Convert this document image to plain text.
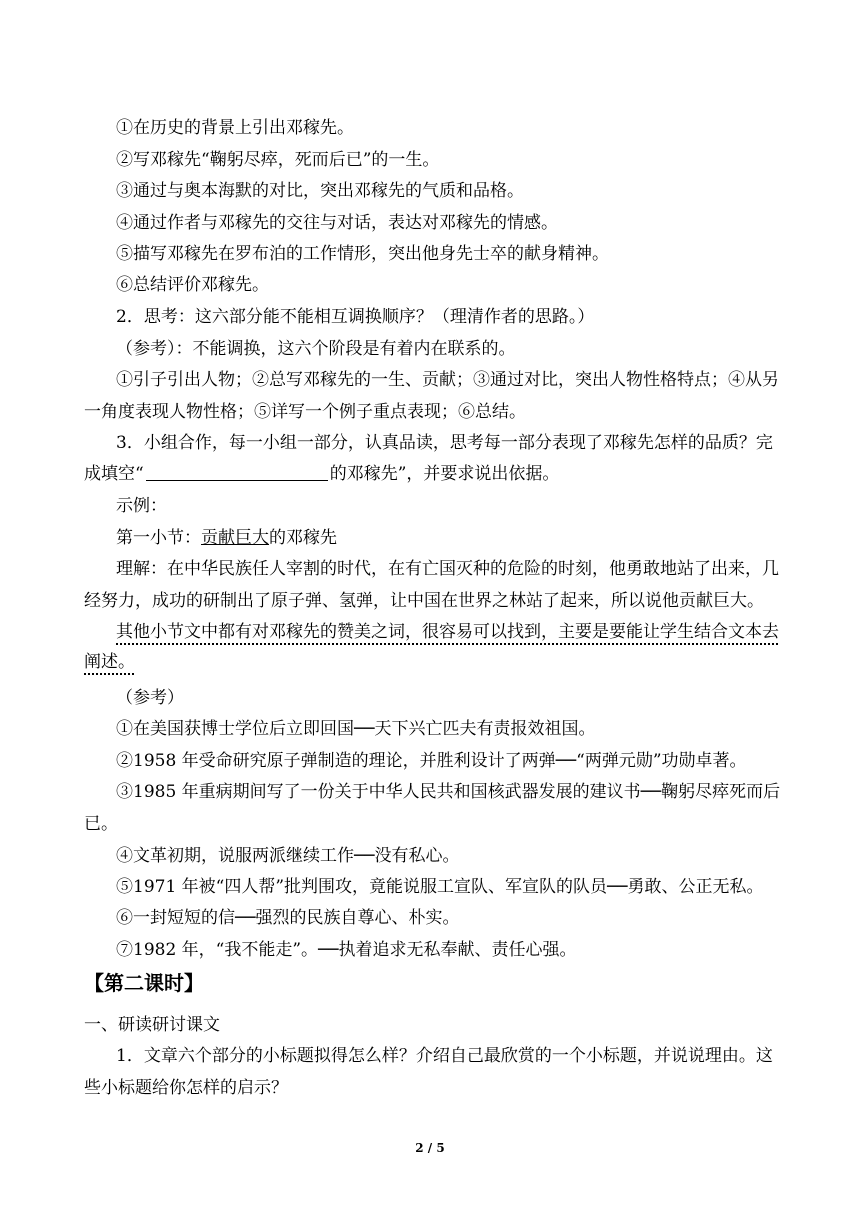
①在历史的背景上引出邓稼先。
②写邓稼先“鞠躬尽瘁，死而后已”的一生。
③通过与奥本海默的对比，突出邓稼先的气质和品格。
④通过作者与邓稼先的交往与对话，表达对邓稼先的情感。
⑤描写邓稼先在罗布泊的工作情形，突出他身先士卒的献身精神。
⑥总结评价邓稼先。
2．思考：这六部分能不能相互调换顺序？（理清作者的思路。）
（参考）：不能调换，这六个阶段是有着内在联系的。
①引子引出人物；②总写邓稼先的一生、贡献；③通过对比，突出人物性格特点；④从另
一角度表现人物性格；⑤详写一个例子重点表现；⑥总结。
3．小组合作，每一小组一部分，认真品读，思考每一部分表现了邓稼先怎样的品质？完
成填空“	的邓稼先”，并要求说出依据。
示例：
第一小节：贡献巨大的邓稼先
理解：在中华民族任人宰割的时代，在有亡国灭种的危险的时刻，他勇敢地站了出来，几
经努力，成功的研制出了原子弹、氢弹，让中国在世界之林站了起来，所以说他贡献巨大。
其他小节文中都有对邓稼先的赞美之词，很容易可以找到，主要是要能让学生结合文本去
阐述。
（参考）
①在美国获博士学位后立即回国──天下兴亡匹夫有责报效祖国。
②1958 年受命研究原子弹制造的理论，并胜利设计了两弹──“两弹元勋”功勋卓著。
③1985 年重病期间写了一份关于中华人民共和国核武器发展的建议书──鞠躬尽瘁死而后
已。
④文革初期，说服两派继续工作──没有私心。
⑤1971 年被“四人帮”批判围攻，竟能说服工宣队、军宣队的队员──勇敢、公正无私。
⑥一封短短的信──强烈的民族自尊心、朴实。
⑦1982 年，“我不能走”。──执着追求无私奉献、责任心强。
【第二课时】
一、研读研讨课文
1．文章六个部分的小标题拟得怎么样？介绍自己最欣赏的一个小标题，并说说理由。这
些小标题给你怎样的启示？
2 / 5
